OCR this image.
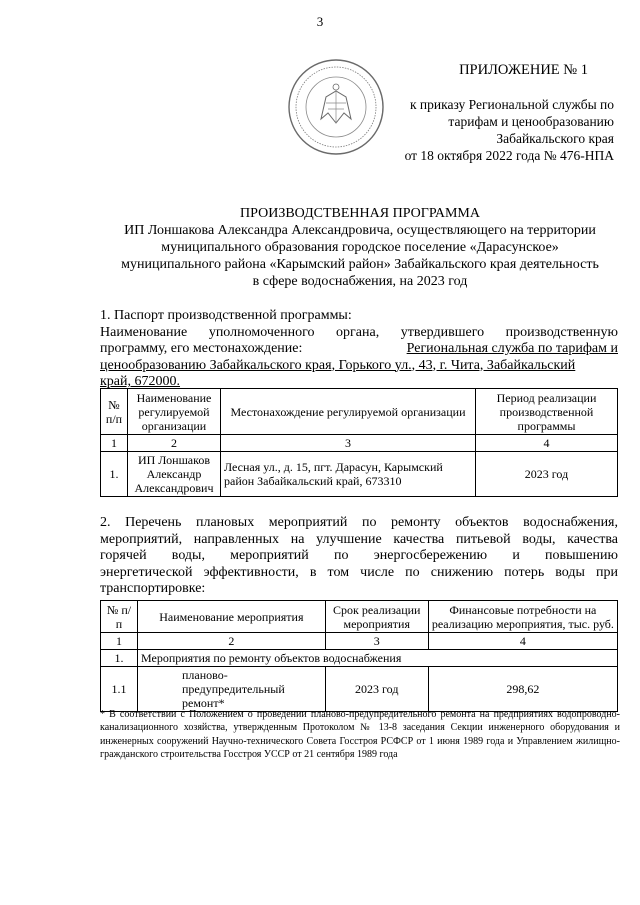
3
ПРИЛОЖЕНИЕ № 1
к приказу Региональной службы по
тарифам и ценообразованию
Забайкальского края
от 18 октября 2022 года № 476-НПА
ПРОИЗВОДСТВЕННАЯ ПРОГРАММА
ИП Лоншакова Александра Александровича, осуществляющего на территории
муниципального образования городское поселение «Дарасунское»
муниципального района «Карымский район» Забайкальского края деятельность
в сфере водоснабжения, на 2023 год
1. Паспорт производственной программы:
Наименование уполномоченного органа, утвердившего производственную
программу, его местонахождение:	Региональная служба по тарифам и
ценообразованию Забайкальского края, Горького ул., 43, г. Чита, Забайкальский
край, 672000.
№ п/п	Наименование регулируемой организации	Местонахождение регулируемой организации	Период реализации производственной программы
1	2	3	4
1.	ИП Лоншаков Александр Александрович	Лесная ул., д. 15, пгт. Дарасун, Карымский район Забайкальский край, 673310	2023 год
2. Перечень плановых мероприятий по ремонту объектов водоснабжения,
мероприятий, направленных на улучшение качества питьевой воды, качества
горячей воды, мероприятий по энергосбережению и повышению
энергетической эффективности, в том числе по снижению потерь воды при
транспортировке:
№ п/п	Наименование мероприятия	Срок реализации мероприятия	Финансовые потребности на реализацию мероприятия, тыс. руб.
1	2	3	4
1.	Мероприятия по ремонту объектов водоснабжения		
1.1	планово-предупредительный ремонт*	2023 год	298,62
* В соответствии с Положением о проведении планово-предупредительного ремонта на предприятиях водопроводно-канализационного хозяйства, утвержденным Протоколом № 13-8 заседания Секции инженерного оборудования и инженерных сооружений Научно-технического Совета Госстроя РСФСР от 1 июня 1989 года и Управлением жилищно-гражданского строительства Госстроя УССР от 21 сентября 1989 года
